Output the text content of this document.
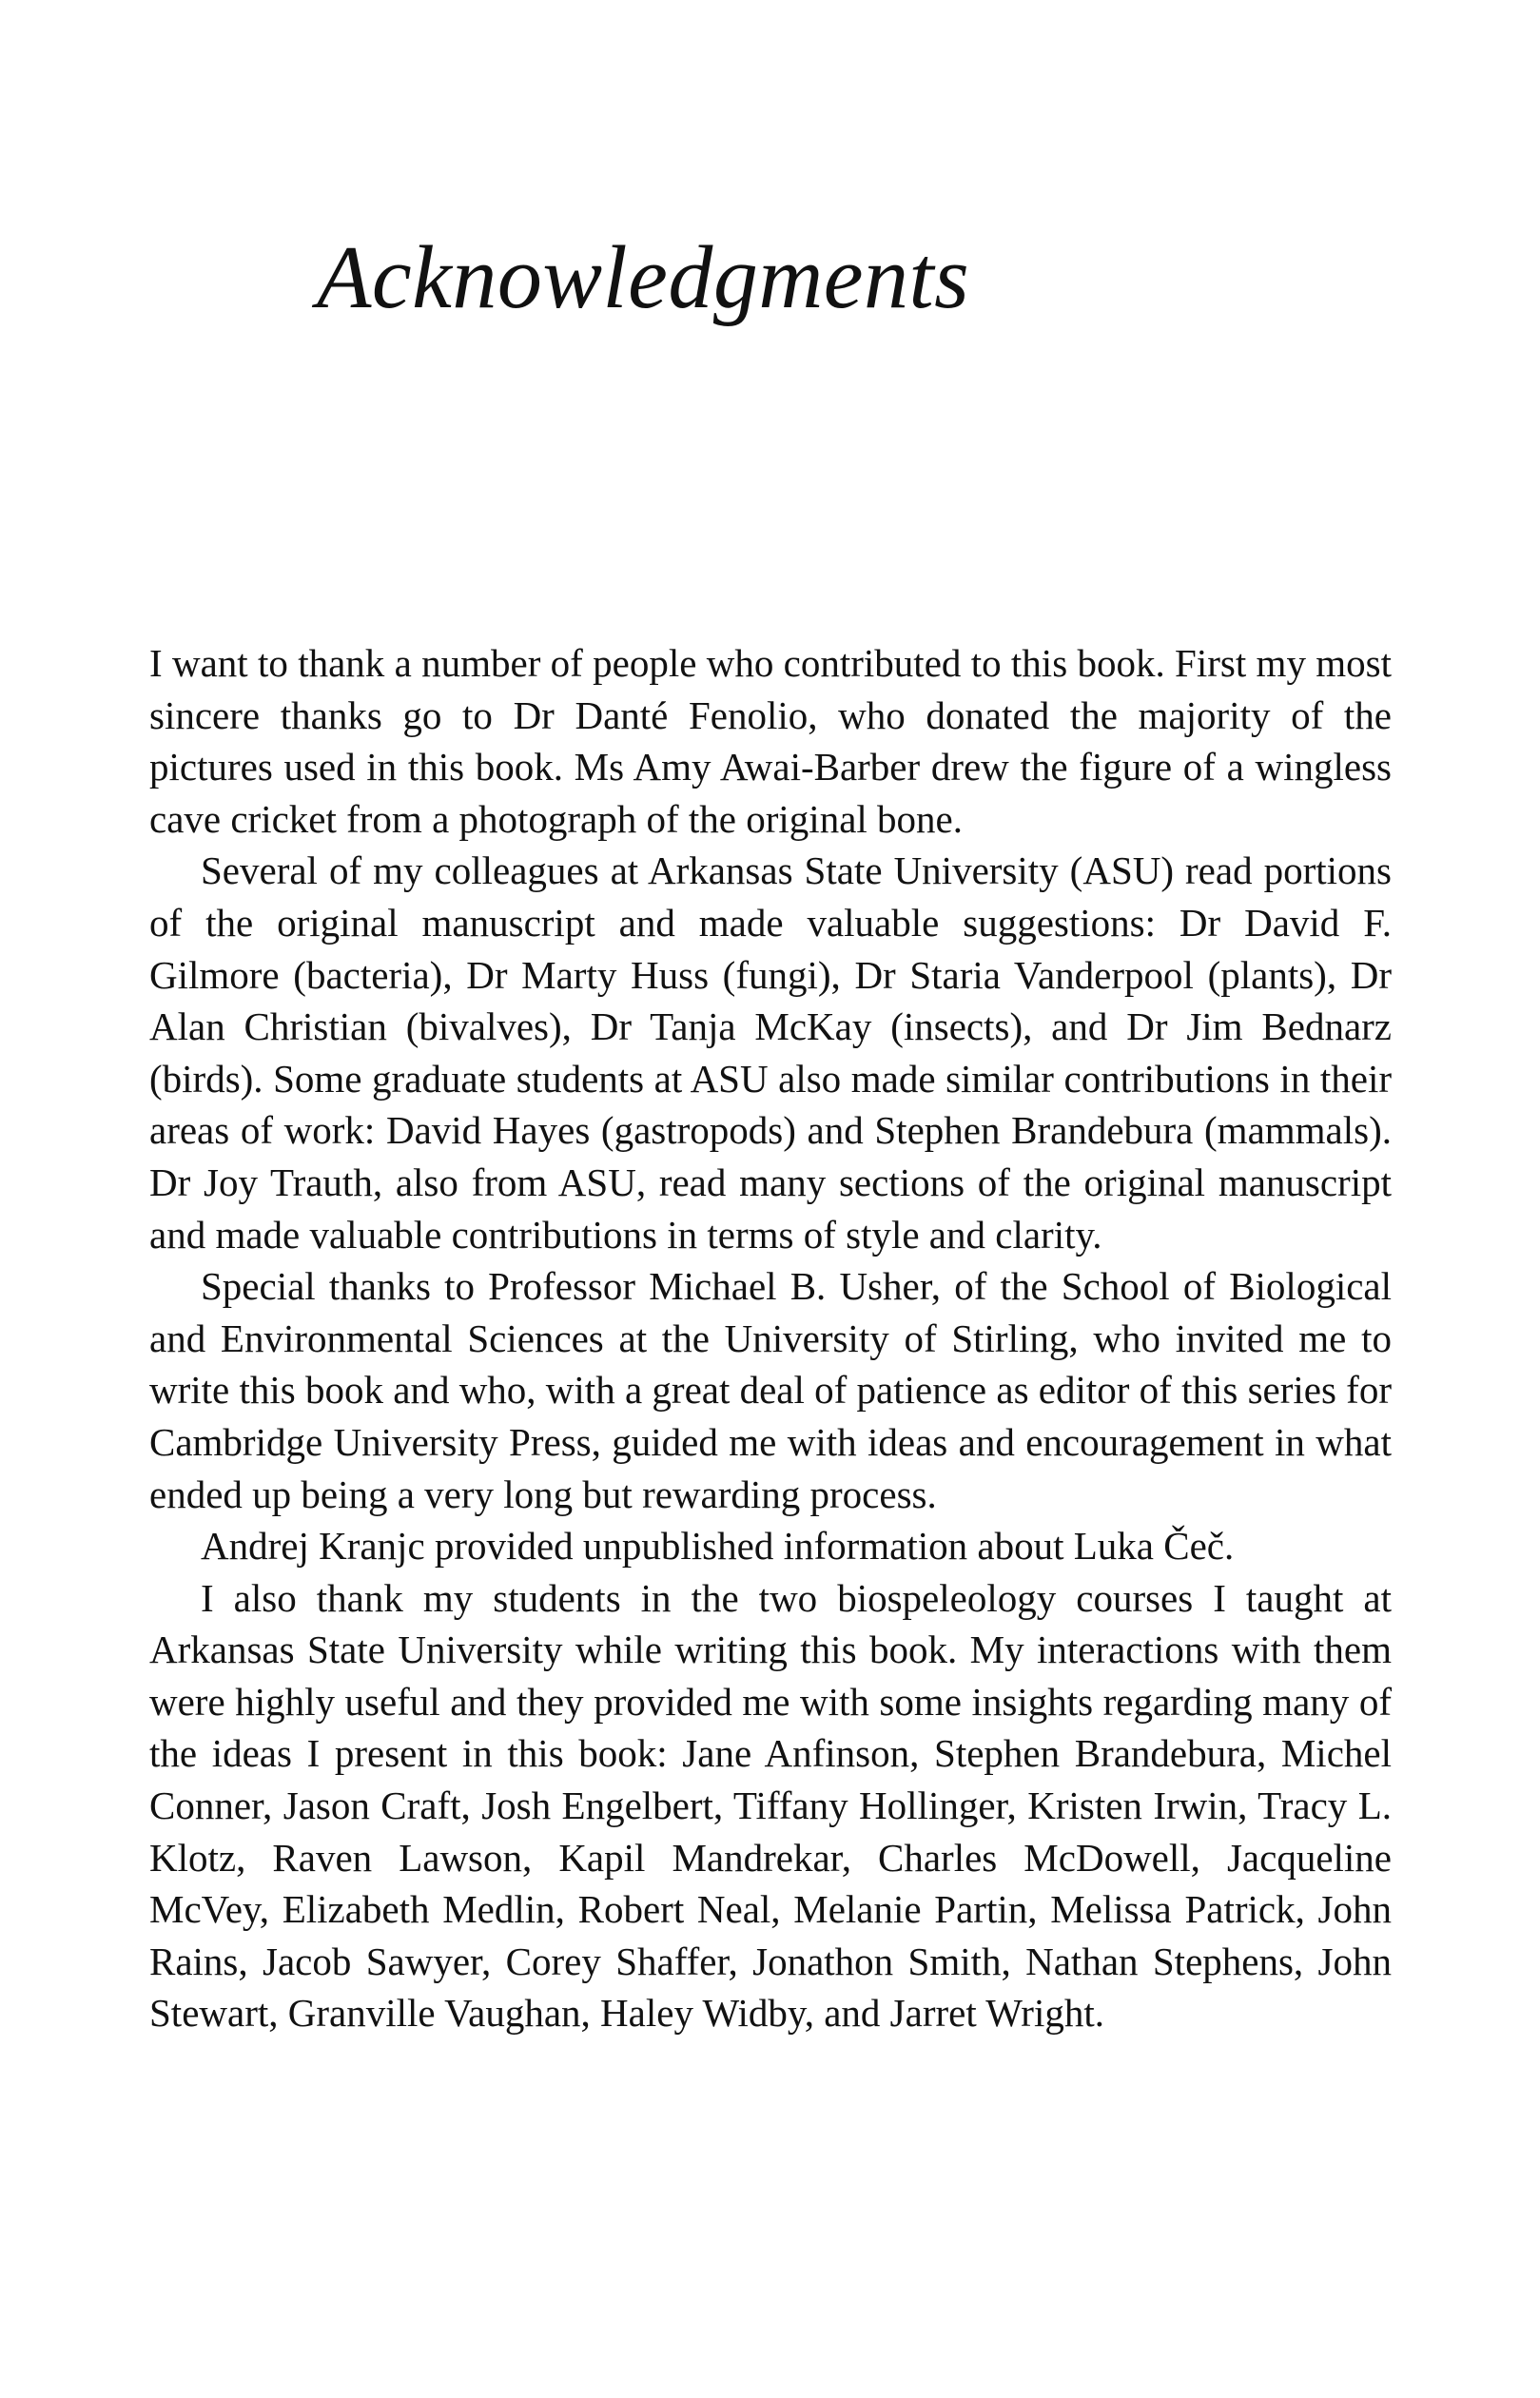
Acknowledgments

I want to thank a number of people who contributed to this book. First my most sincere thanks go to Dr Danté Fenolio, who donated the majority of the pictures used in this book. Ms Amy Awai-Barber drew the figure of a wingless cave cricket from a photograph of the original bone.

Several of my colleagues at Arkansas State University (ASU) read portions of the original manuscript and made valuable suggestions: Dr David F. Gilmore (bacteria), Dr Marty Huss (fungi), Dr Staria Vanderpool (plants), Dr Alan Christian (bivalves), Dr Tanja McKay (insects), and Dr Jim Bednarz (birds). Some graduate students at ASU also made similar contributions in their areas of work: David Hayes (gastropods) and Stephen Brandebura (mammals). Dr Joy Trauth, also from ASU, read many sections of the original manuscript and made valuable contributions in terms of style and clarity.

Special thanks to Professor Michael B. Usher, of the School of Biological and Environmental Sciences at the University of Stirling, who invited me to write this book and who, with a great deal of patience as editor of this series for Cambridge University Press, guided me with ideas and encouragement in what ended up being a very long but rewarding process.

Andrej Kranjc provided unpublished information about Luka Čeč.

I also thank my students in the two biospeleology courses I taught at Arkansas State University while writing this book. My interactions with them were highly useful and they provided me with some insights regarding many of the ideas I present in this book: Jane Anfinson, Stephen Brandebura, Michel Conner, Jason Craft, Josh Engelbert, Tiffany Hollinger, Kristen Irwin, Tracy L. Klotz, Raven Lawson, Kapil Mandrekar, Charles McDowell, Jacqueline McVey, Elizabeth Medlin, Robert Neal, Melanie Partin, Melissa Patrick, John Rains, Jacob Sawyer, Corey Shaffer, Jonathon Smith, Nathan Stephens, John Stewart, Granville Vaughan, Haley Widby, and Jarret Wright.
